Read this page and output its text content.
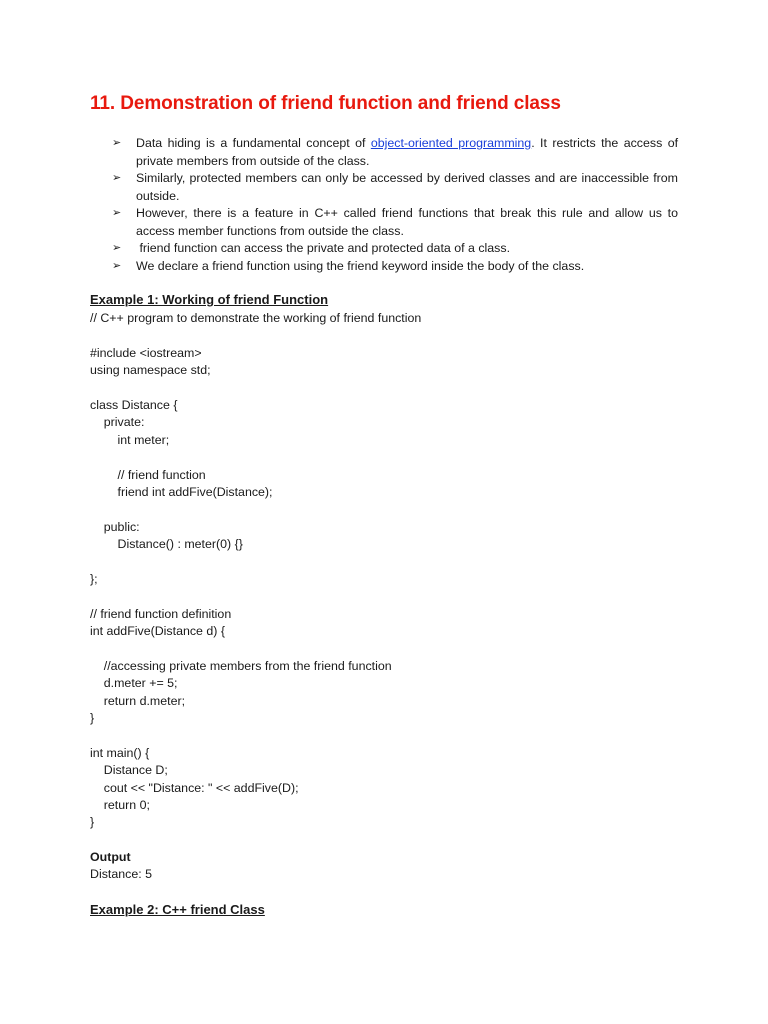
11. Demonstration of friend function and friend class
➢ Data hiding is a fundamental concept of object-oriented programming. It restricts the access of private members from outside of the class.
➢ Similarly, protected members can only be accessed by derived classes and are inaccessible from outside.
➢ However, there is a feature in C++ called friend functions that break this rule and allow us to access member functions from outside the class.
➢ friend function can access the private and protected data of a class.
➢ We declare a friend function using the friend keyword inside the body of the class.
Example 1: Working of friend Function
// C++ program to demonstrate the working of friend function
#include <iostream>
using namespace std;
class Distance {
private:
int meter;
// friend function
friend int addFive(Distance);
public:
Distance() : meter(0) {}
};
// friend function definition
int addFive(Distance d) {
//accessing private members from the friend function
d.meter += 5;
return d.meter;
}
int main() {
Distance D;
cout << "Distance: " << addFive(D);
return 0;
}
Output
Distance: 5
Example 2: C++ friend Class
